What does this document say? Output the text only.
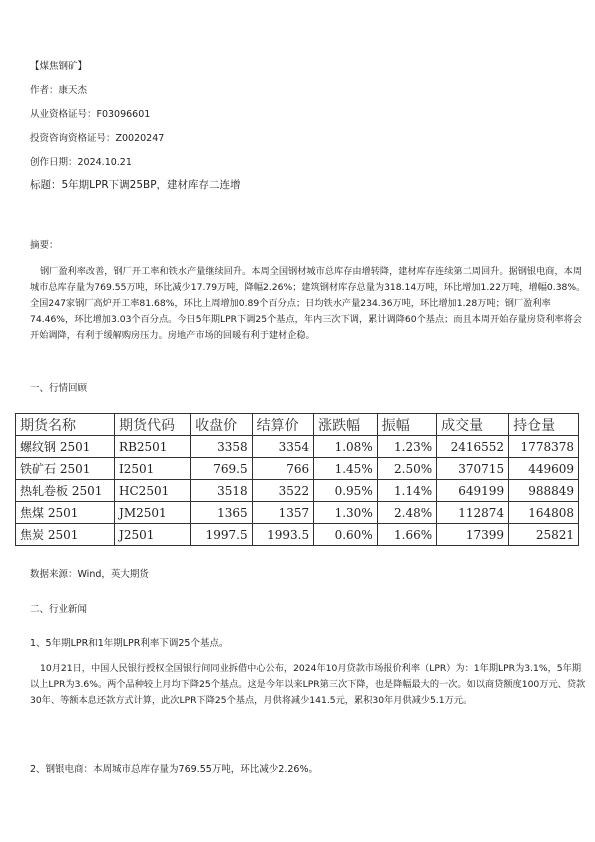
【煤焦钢矿】
作者：康天杰
从业资格证号：F03096601
投资咨询资格证号：Z0020247
创作日期：2024.10.21
标题：5年期LPR下调25BP，建材库存二连增
摘要：
钢厂盈利率改善，钢厂开工率和铁水产量继续回升。本周全国钢材城市总库存由增转降，建材库存连续第二周回升。据钢银电商，本周城市总库存量为769.55万吨，环比减少17.79万吨，降幅2.26%；建筑钢材库存总量为318.14万吨，环比增加1.22万吨，增幅0.38%。全国247家钢厂高炉开工率81.68%，环比上周增加0.89个百分点；日均铁水产量234.36万吨，环比增加1.28万吨；钢厂盈利率74.46%，环比增加3.03个百分点。今日5年期LPR下调25个基点，年内三次下调，累计调降60个基点；而且本周开始存量房贷利率将会开始调降，有利于缓解购房压力。房地产市场的回暖有利于建材企稳。
一、行情回顾
期货名称	期货代码	收盘价	结算价	涨跌幅	振幅	成交量	持仓量
螺纹钢 2501	RB2501	3358	3354	1.08%	1.23%	2416552	1778378
铁矿石 2501	I2501	769.5	766	1.45%	2.50%	370715	449609
热轧卷板 2501	HC2501	3518	3522	0.95%	1.14%	649199	988849
焦煤 2501	JM2501	1365	1357	1.30%	2.48%	112874	164808
焦炭 2501	J2501	1997.5	1993.5	0.60%	1.66%	17399	25821
数据来源：Wind，英大期货
二、行业新闻
1、5年期LPR和1年期LPR利率下调25个基点。
10月21日，中国人民银行授权全国银行间同业拆借中心公布，2024年10月贷款市场报价利率（LPR）为：1年期LPR为3.1%，5年期以上LPR为3.6%。两个品种较上月均下降25个基点。这是今年以来LPR第三次下降，也是降幅最大的一次。如以商贷额度100万元、贷款30年、等额本息还款方式计算，此次LPR下降25个基点，月供将减少141.5元，累积30年月供减少5.1万元。
2、钢银电商：本周城市总库存量为769.55万吨，环比减少2.26%。
